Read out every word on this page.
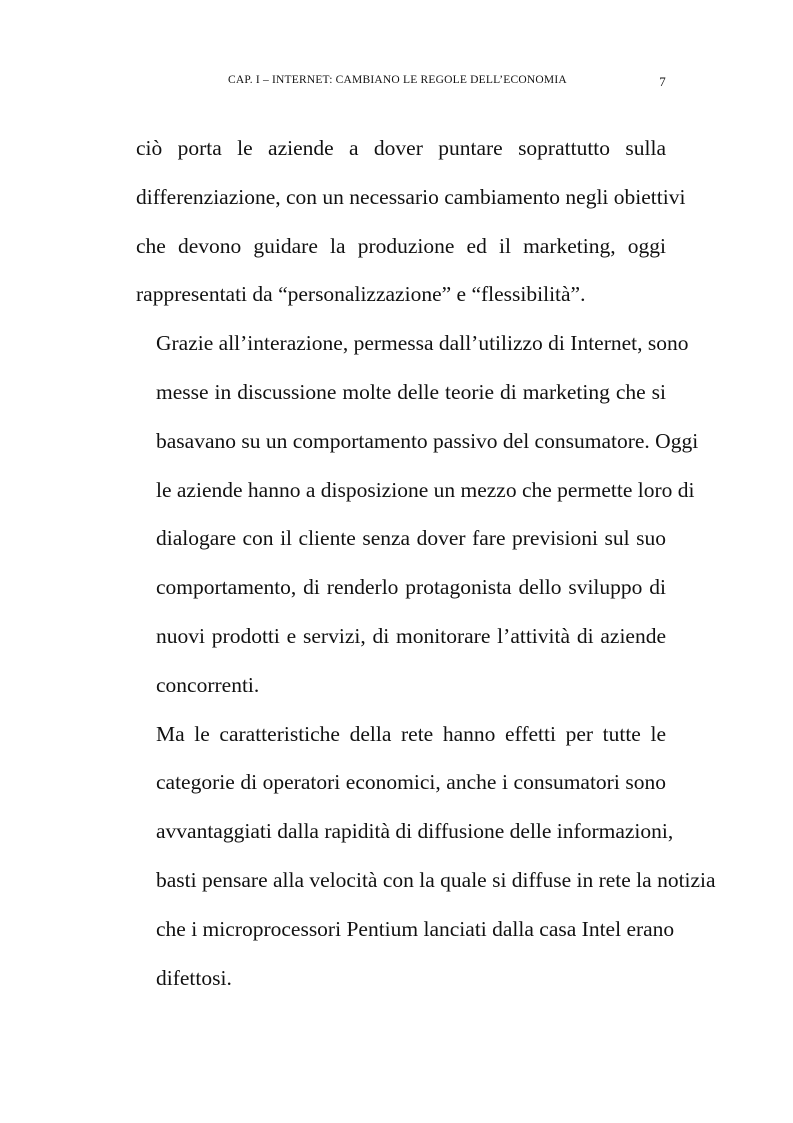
CAP. I – INTERNET: CAMBIANO LE REGOLE DELL’ECONOMIA	7

ciò porta le aziende a dover puntare soprattutto sulla
differenziazione, con un necessario cambiamento negli obiettivi
che devono guidare la produzione ed il marketing, oggi
rappresentati da “personalizzazione” e “flessibilità”.

Grazie all’interazione, permessa dall’utilizzo di Internet, sono
messe in discussione molte delle teorie di marketing che si
basavano su un comportamento passivo del consumatore. Oggi
le aziende hanno a disposizione un mezzo che permette loro di
dialogare con il cliente senza dover fare previsioni sul suo
comportamento, di renderlo protagonista dello sviluppo di
nuovi prodotti e servizi, di monitorare l’attività di aziende
concorrenti.

Ma le caratteristiche della rete hanno effetti per tutte le
categorie di operatori economici, anche i consumatori sono
avvantaggiati dalla rapidità di diffusione delle informazioni,
basti pensare alla velocità con la quale si diffuse in rete la notizia
che i microprocessori Pentium lanciati dalla casa Intel erano
difettosi.
